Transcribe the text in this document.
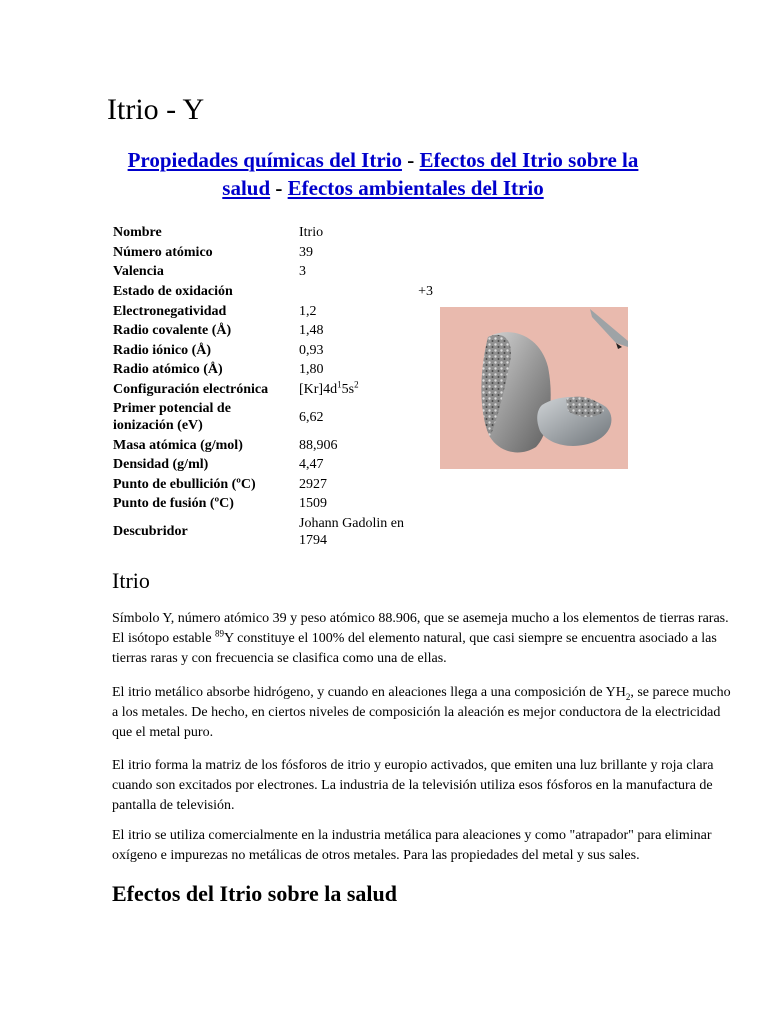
Itrio - Y
Propiedades químicas del Itrio - Efectos del Itrio sobre la
salud - Efectos ambientales del Itrio
Nombre	Itrio
Número atómico	39
Valencia	3
Estado de oxidación	+3
Electronegatividad	1,2
Radio covalente (Å)	1,48
Radio iónico (Å)	0,93
Radio atómico (Å)	1,80
Configuración electrónica	$[Kr]4d^15s^2$
Primer potencial de ionización (eV)	6,62
Masa atómica (g/mol)	88,906
Densidad (g/ml)	4,47
Punto de ebullición (ºC)	2927
Punto de fusión (ºC)	1509
Descubridor	Johann Gadolin en 1794
Itrio
Símbolo Y, número atómico 39 y peso atómico 88.906, que se asemeja mucho a los elementos de tierras raras.
El isótopo estable $^{89}$Y constituye el 100% del elemento natural, que casi siempre se encuentra asociado a las
tierras raras y con frecuencia se clasifica como una de ellas.
El itrio metálico absorbe hidrógeno, y cuando en aleaciones llega a una composición de $YH_2$, se parece mucho
a los metales. De hecho, en ciertos niveles de composición la aleación es mejor conductora de la electricidad
que el metal puro.
El itrio forma la matriz de los fósforos de itrio y europio activados, que emiten una luz brillante y roja clara
cuando son excitados por electrones. La industria de la televisión utiliza esos fósforos en la manufactura de
pantalla de televisión.
El itrio se utiliza comercialmente en la industria metálica para aleaciones y como "atrapador" para eliminar
oxígeno e impurezas no metálicas de otros metales. Para las propiedades del metal y sus sales.
Efectos del Itrio sobre la salud
